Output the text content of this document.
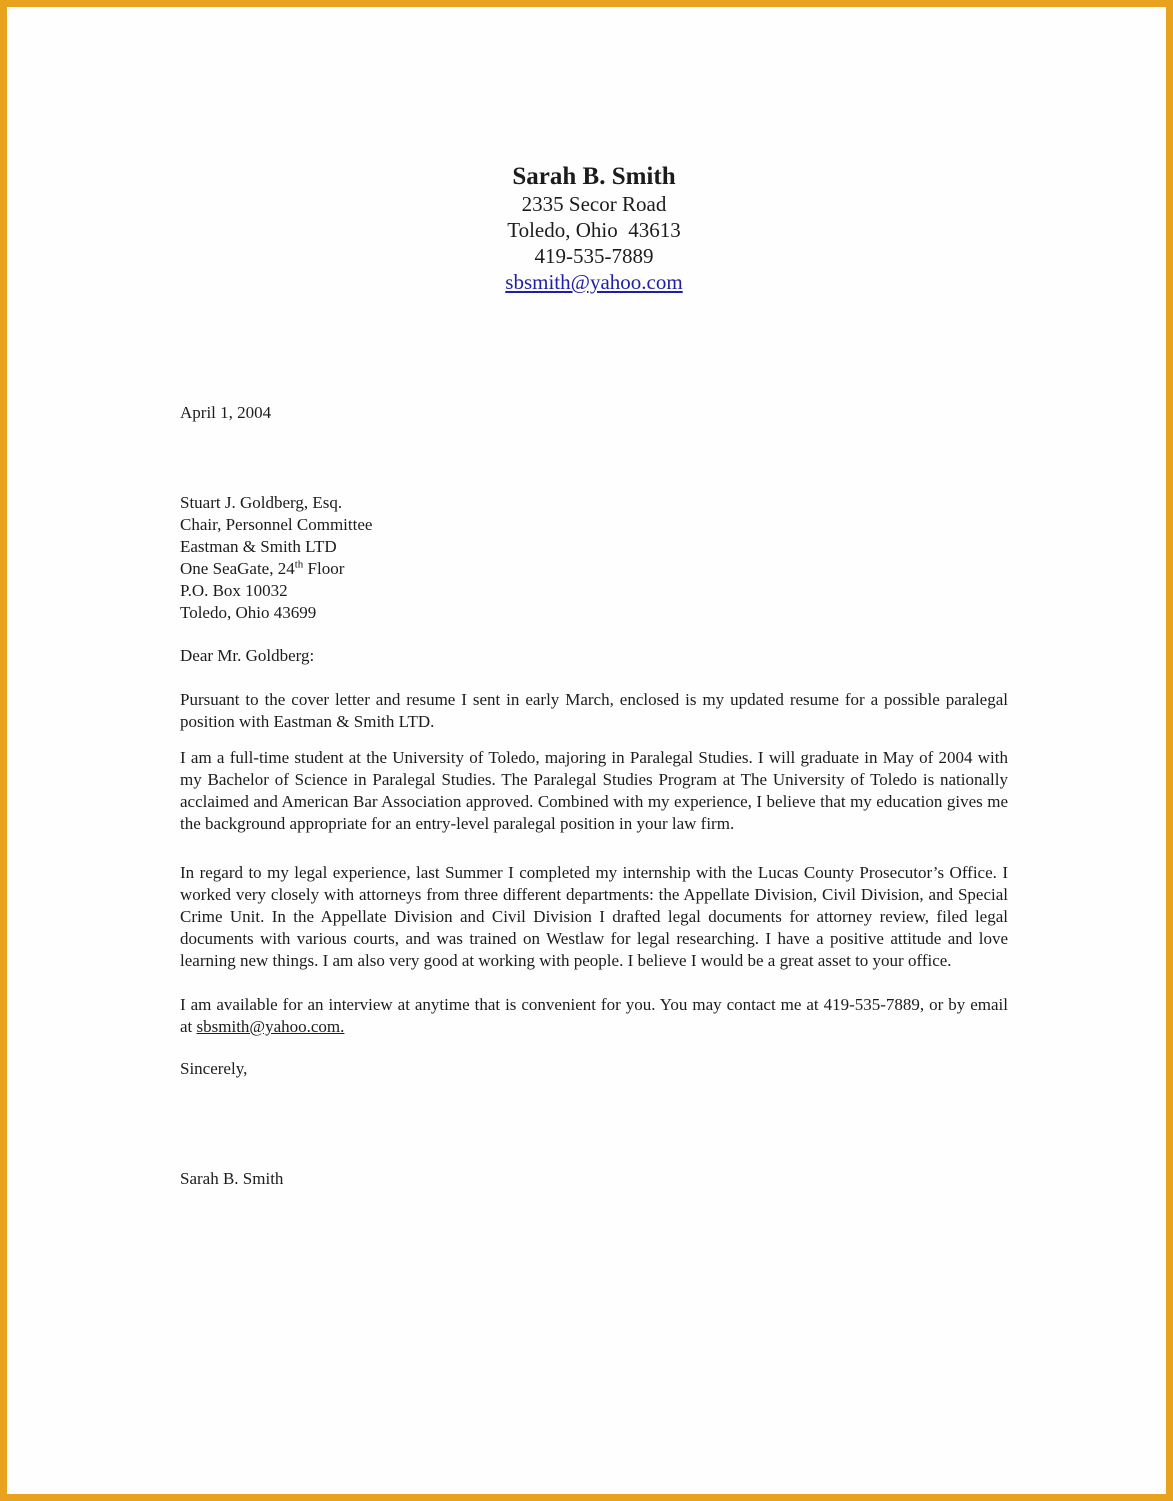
Sarah B. Smith
2335 Secor Road
Toledo, Ohio  43613
419-535-7889
sbsmith@yahoo.com
April 1, 2004
Stuart J. Goldberg, Esq.
Chair, Personnel Committee
Eastman & Smith LTD
One SeaGate, 24th Floor
P.O. Box 10032
Toledo, Ohio 43699
Dear Mr. Goldberg:
Pursuant to the cover letter and resume I sent in early March, enclosed is my updated resume for a possible paralegal position with Eastman & Smith LTD.
I am a full-time student at the University of Toledo, majoring in Paralegal Studies. I will graduate in May of 2004 with my Bachelor of Science in Paralegal Studies. The Paralegal Studies Program at The University of Toledo is nationally acclaimed and American Bar Association approved. Combined with my experience, I believe that my education gives me the background appropriate for an entry-level paralegal position in your law firm.
In regard to my legal experience, last Summer I completed my internship with the Lucas County Prosecutor’s Office. I worked very closely with attorneys from three different departments: the Appellate Division, Civil Division, and Special Crime Unit. In the Appellate Division and Civil Division I drafted legal documents for attorney review, filed legal documents with various courts, and was trained on Westlaw for legal researching. I have a positive attitude and love learning new things. I am also very good at working with people. I believe I would be a great asset to your office.
I am available for an interview at anytime that is convenient for you. You may contact me at 419-535-7889, or by email at sbsmith@yahoo.com.
Sincerely,
Sarah B. Smith
